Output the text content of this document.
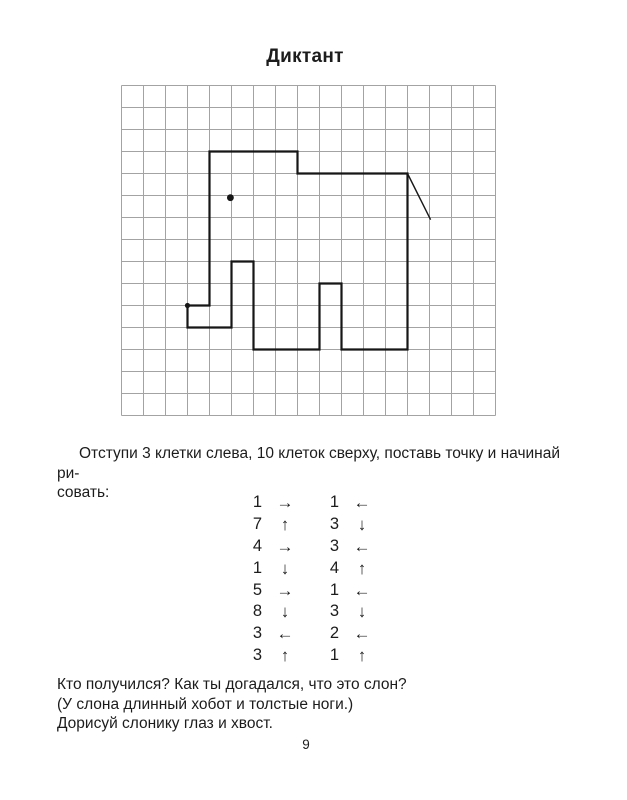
Диктант
Отступи 3 клетки слева, 10 клеток сверху, поставь точку и начинай ри-
совать:
1 →
7 ↑
4 →
1 ↓
5 →
8 ↓
3 ←
3 ↑
1 ←
3 ↓
3 ←
4 ↑
1 ←
3 ↓
2 ←
1 ↑
Кто получился? Как ты догадался, что это слон?
(У слона длинный хобот и толстые ноги.)
Дорисуй слонику глаз и хвост.
9
